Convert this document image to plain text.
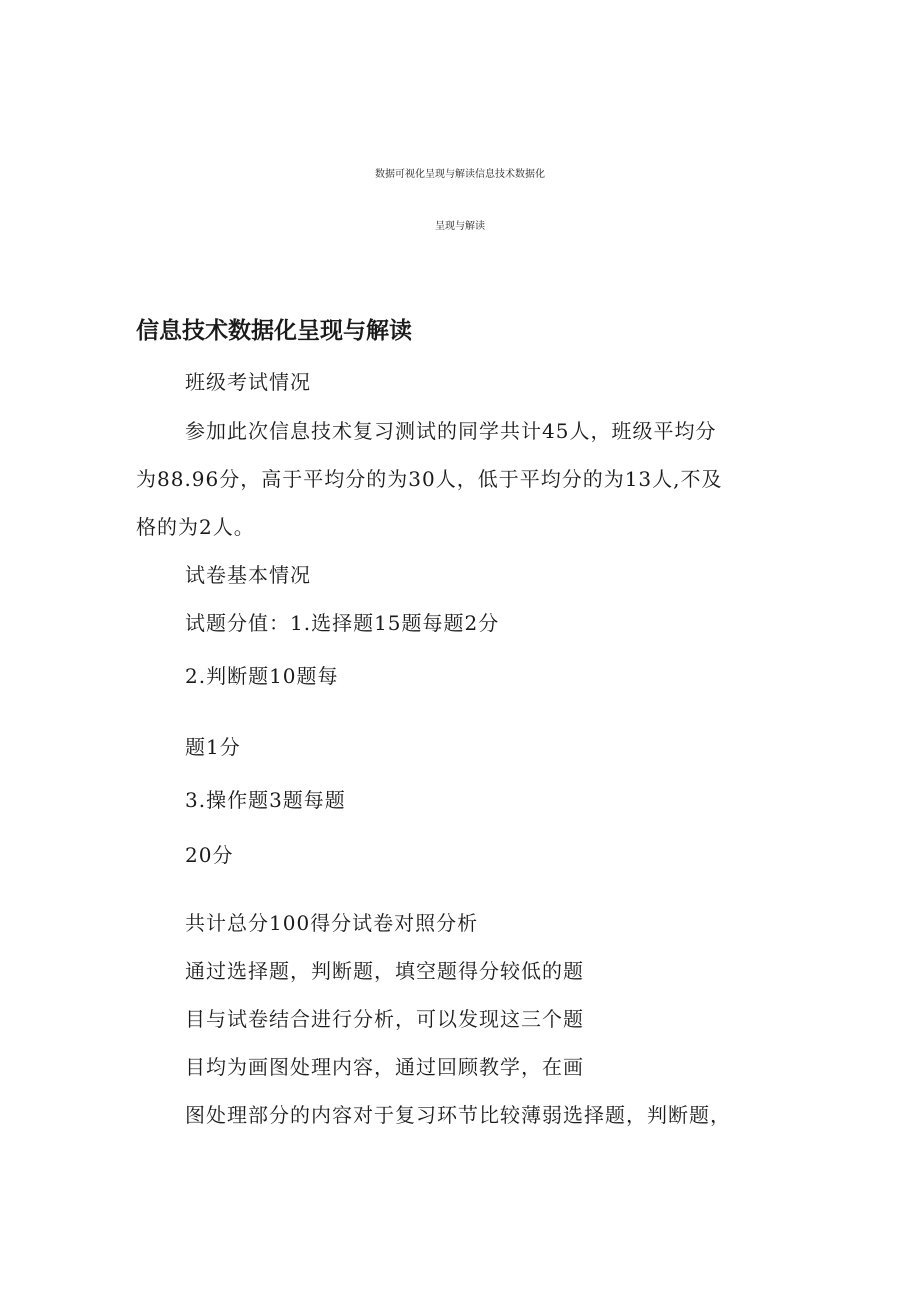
数据可视化呈现与解读信息技术数据化
呈现与解读
信息技术数据化呈现与解读

班级考试情况

参加此次信息技术复习测试的同学共计45人，班级平均分

为88.96分，高于平均分的为30人，低于平均分的为13人,不及

格的为2人。

试卷基本情况

试题分值：1.选择题15题每题2分

2.判断题10题每

题1分

3.操作题3题每题

20分

共计总分100得分试卷对照分析

通过选择题，判断题，填空题得分较低的题

目与试卷结合进行分析，可以发现这三个题

目均为画图处理内容，通过回顾教学，在画

图处理部分的内容对于复习环节比较薄弱选择题，判断题，
